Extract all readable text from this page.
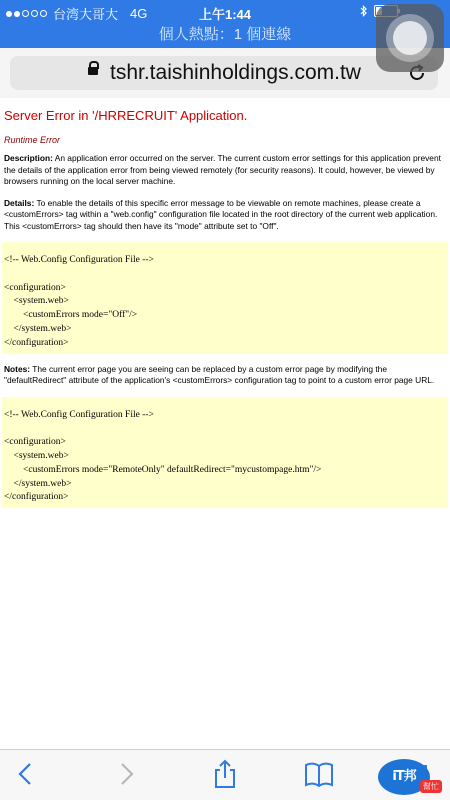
台湾大哥大 4G	上午1:44
個人熱點：1 個連線
tshr.taishinholdings.com.tw
Server Error in '/HRRECRUIT' Application.
Runtime Error

Description: An application error occurred on the server. The current custom error settings for this application prevent the details of the application error from being viewed remotely (for security reasons). It could, however, be viewed by browsers running on the local server machine.

Details: To enable the details of this specific error message to be viewable on remote machines, please create a <customErrors> tag within a "web.config" configuration file located in the root directory of the current web application. This <customErrors> tag should then have its "mode" attribute set to "Off".

<!-- Web.Config Configuration File -->

<configuration>
<system.web>
<customErrors mode="Off"/>
</system.web>
</configuration>

Notes: The current error page you are seeing can be replaced by a custom error page by modifying the "defaultRedirect" attribute of the application's <customErrors> configuration tag to point to a custom error page URL.

<!-- Web.Config Configuration File -->

<configuration>
<system.web>
<customErrors mode="RemoteOnly" defaultRedirect="mycustompage.htm"/>
</system.web>
</configuration>
iT邦
幫忙
